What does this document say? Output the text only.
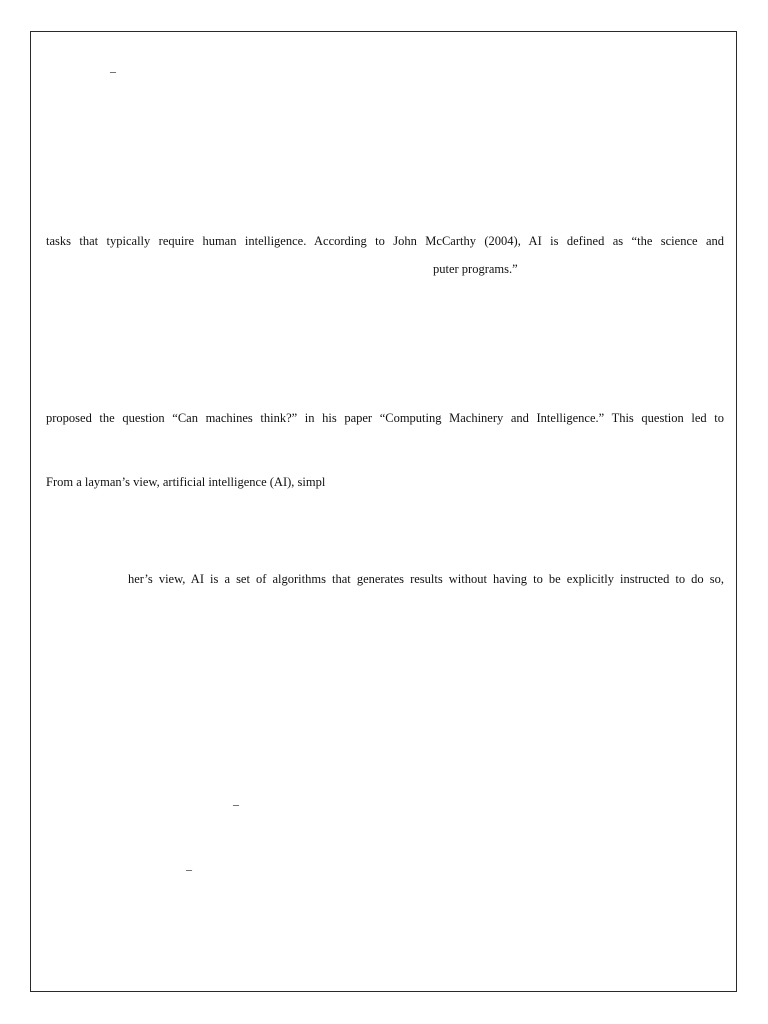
–

tasks that typically require human intelligence. According to John McCarthy (2004), AI is defined as “the science and

puter programs.”

proposed the question “Can machines think?” in his paper “Computing Machinery and Intelligence.” This question led to

From a layman’s view, artificial intelligence (AI), simpl

her’s view, AI is a set of algorithms that generates results without having to be explicitly instructed to do so,

–
–
